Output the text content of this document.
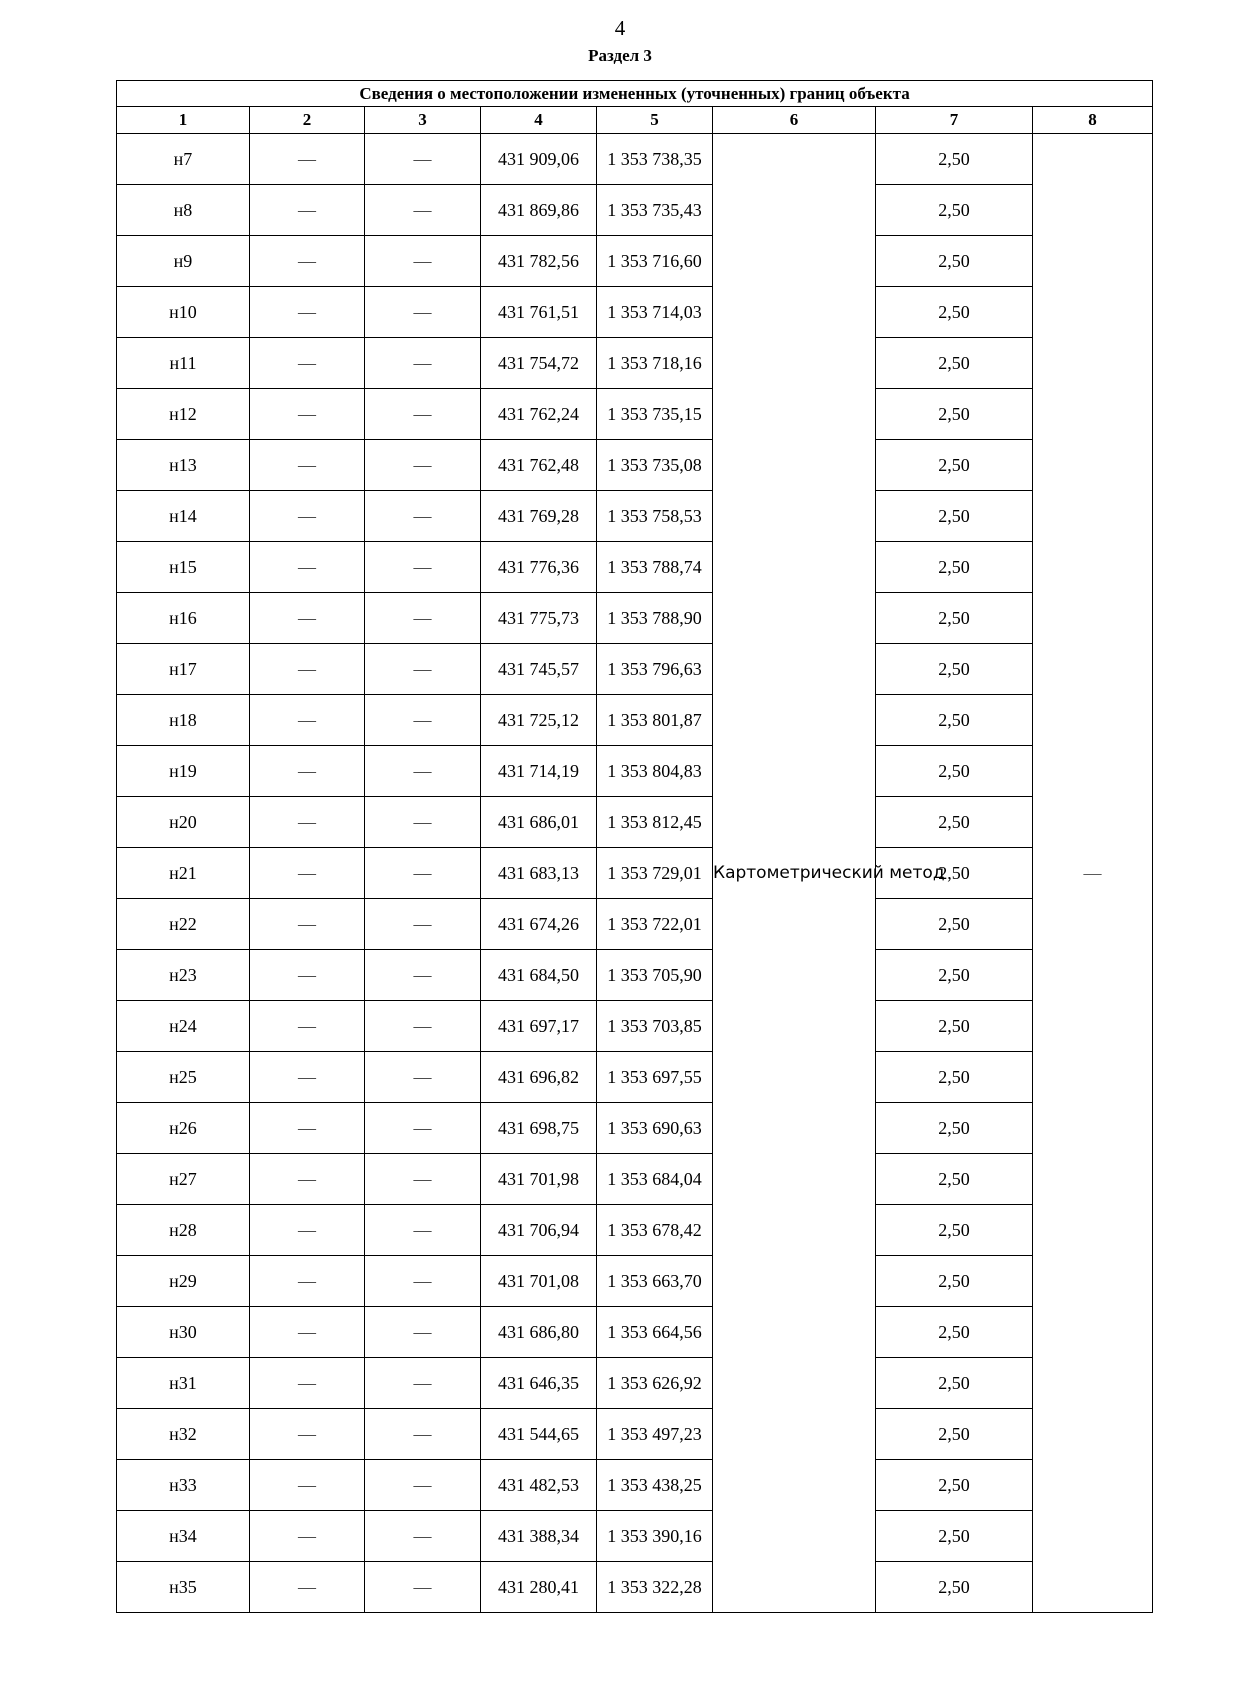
4
Раздел 3
Сведения о местоположении измененных (уточненных) границ объекта							
1	2	3	4	5	6	7	8
н7	—	—	431 909,06	1 353 738,35	Картометрический метод	2,50	—
н8	—	—	431 869,86	1 353 735,43		2,50	
н9	—	—	431 782,56	1 353 716,60		2,50	
н10	—	—	431 761,51	1 353 714,03		2,50	
н11	—	—	431 754,72	1 353 718,16		2,50	
н12	—	—	431 762,24	1 353 735,15		2,50	
н13	—	—	431 762,48	1 353 735,08		2,50	
н14	—	—	431 769,28	1 353 758,53		2,50	
н15	—	—	431 776,36	1 353 788,74		2,50	
н16	—	—	431 775,73	1 353 788,90		2,50	
н17	—	—	431 745,57	1 353 796,63		2,50	
н18	—	—	431 725,12	1 353 801,87		2,50	
н19	—	—	431 714,19	1 353 804,83		2,50	
н20	—	—	431 686,01	1 353 812,45		2,50	
н21	—	—	431 683,13	1 353 729,01		2,50	
н22	—	—	431 674,26	1 353 722,01		2,50	
н23	—	—	431 684,50	1 353 705,90		2,50	
н24	—	—	431 697,17	1 353 703,85		2,50	
н25	—	—	431 696,82	1 353 697,55		2,50	
н26	—	—	431 698,75	1 353 690,63		2,50	
н27	—	—	431 701,98	1 353 684,04		2,50	
н28	—	—	431 706,94	1 353 678,42		2,50	
н29	—	—	431 701,08	1 353 663,70		2,50	
н30	—	—	431 686,80	1 353 664,56		2,50	
н31	—	—	431 646,35	1 353 626,92		2,50	
н32	—	—	431 544,65	1 353 497,23		2,50	
н33	—	—	431 482,53	1 353 438,25		2,50	
н34	—	—	431 388,34	1 353 390,16		2,50	
н35	—	—	431 280,41	1 353 322,28		2,50	
